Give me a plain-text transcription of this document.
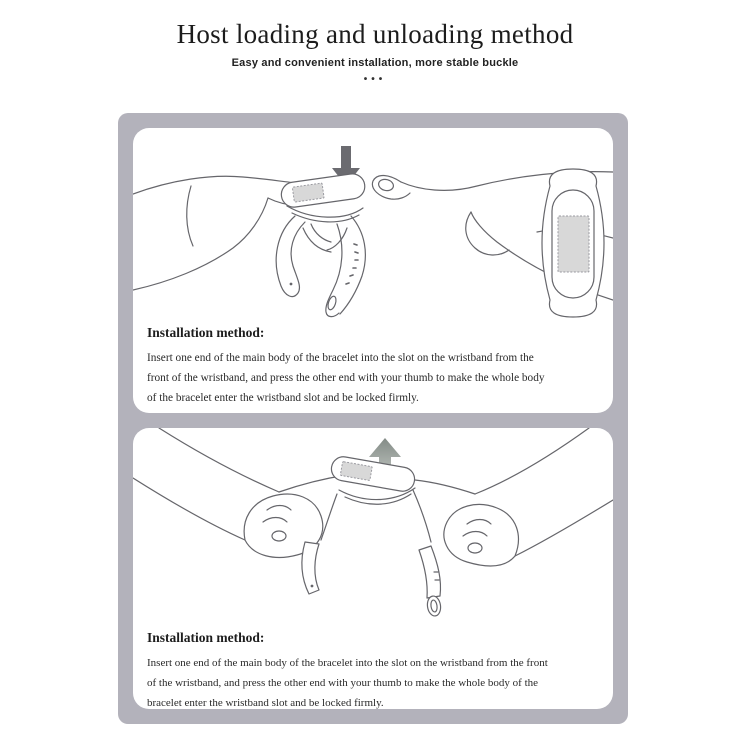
Host loading and unloading method
Easy and convenient installation, more stable buckle
•••
Installation method:
Insert one end of the main body of the bracelet into the slot on the wristband from the
front of the wristband, and press the other end with your thumb to make the whole body
of the bracelet enter the wristband slot and be locked firmly.
Installation method:
Insert one end of the main body of the bracelet into the slot on the wristband from the front
of the wristband, and press the other end with your thumb to make the whole body of the
bracelet enter the wristband slot and be locked firmly.
